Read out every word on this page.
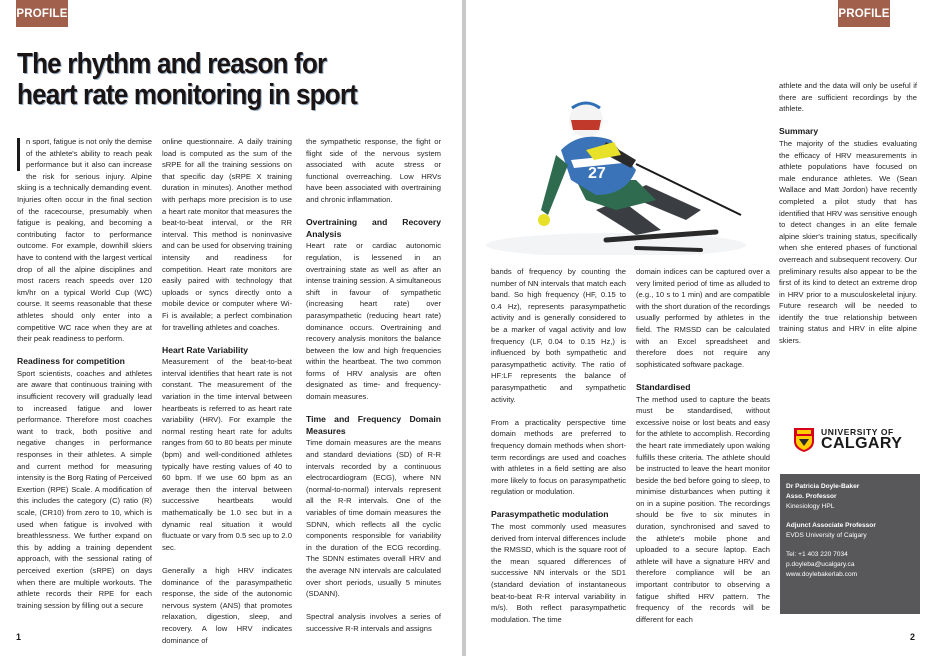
PROFILE
The rhythm and reason for
heart rate monitoring in sport

n sport, fatigue is not only the demise of the athlete's ability to reach peak performance but it also can increase the risk for serious injury. Alpine skiing is a technically demanding event. Injuries often occur in the final section of the racecourse, presumably when fatigue is peaking, and becoming a contributing factor to performance outcome. For example, downhill skiers have to contend with the largest vertical drop of all the alpine disciplines and most racers reach speeds over 120 km/hr on a typical World Cup (WC) course. It seems reasonable that these athletes should only enter into a competitive WC race when they are at their peak readiness to perform.

Readiness for competition

Sport scientists, coaches and athletes are aware that continuous training with insufficient recovery will gradually lead to increased fatigue and lower performance. Therefore most coaches want to track, both positive and negative changes in performance responses in their athletes. A simple and current method for measuring intensity is the Borg Rating of Perceived Exertion (RPE) Scale. A modification of this includes the category (C) ratio (R) scale, (CR10) from zero to 10, which is used when fatigue is involved with breathlessness. We further expand on this by adding a training dependent approach, with the sessional rating of perceived exertion (sRPE) on days when there are multiple workouts. The athlete records their RPE for each training session by filling out a secure

online questionnaire. A daily training load is computed as the sum of the sRPE for all the training sessions on that specific day (sRPE X training duration in minutes). Another method with perhaps more precision is to use a heart rate monitor that measures the beat-to-beat interval, or the RR interval. This method is noninvasive and can be used for observing training intensity and readiness for competition. Heart rate monitors are easily paired with technology that uploads or syncs directly onto a mobile device or computer where Wi-Fi is available; a perfect combination for travelling athletes and coaches.

Heart Rate Variability

Measurement of the beat-to-beat interval identifies that heart rate is not constant. The measurement of the variation in the time interval between heartbeats is referred to as heart rate variability (HRV). For example the normal resting heart rate for adults ranges from 60 to 80 beats per minute (bpm) and well-conditioned athletes typically have resting values of 40 to 60 bpm. If we use 60 bpm as an average then the interval between successive heartbeats would mathematically be 1.0 sec but in a dynamic real situation it would fluctuate or vary from 0.5 sec up to 2.0 sec.

Generally a high HRV indicates dominance of the parasympathetic response, the side of the autonomic nervous system (ANS) that promotes relaxation, digestion, sleep, and recovery. A low HRV indicates dominance of

the sympathetic response, the fight or flight side of the nervous system associated with acute stress or functional overreaching. Low HRVs have been associated with overtraining and chronic inflammation.

Overtraining and Recovery Analysis

Heart rate or cardiac autonomic regulation, is lessened in an overtraining state as well as after an intense training session. A simultaneous shift in favour of sympathetic (increasing heart rate) over parasympathetic (reducing heart rate) dominance occurs. Overtraining and recovery analysis monitors the balance between the low and high frequencies within the heartbeat. The two common forms of HRV analysis are often designated as time- and frequency-domain measures.

Time and Frequency Domain Measures

Time domain measures are the means and standard deviations (SD) of R-R intervals recorded by a continuous electrocardiogram (ECG), where NN (normal-to-normal) intervals represent all the R-R intervals. One of the variables of time domain measures the SDNN, which reflects all the cyclic components responsible for variability in the duration of the ECG recording. The SDNN estimates overall HRV and the average NN intervals are calculated over short periods, usually 5 minutes (SDANN).

Spectral analysis involves a series of successive R-R intervals and assigns

1
PROFILE
27

bands of frequency by counting the number of NN intervals that match each band. So high frequency (HF, 0.15 to 0.4 Hz), represents parasympathetic activity and is generally considered to be a marker of vagal activity and low frequency (LF, 0.04 to 0.15 Hz,) is influenced by both sympathetic and parasympathetic activity. The ratio of HF:LF represents the balance of parasympathetic and sympathetic activity.

From a practicality perspective time domain methods are preferred to frequency domain methods when short-term recordings are used and coaches with athletes in a field setting are also more likely to focus on parasympathetic regulation or modulation.

Parasympathetic modulation

The most commonly used measures derived from interval differences include the RMSSD, which is the square root of the mean squared differences of successive NN intervals or the SD1 (standard deviation of instantaneous beat-to-beat R-R interval variability in m/s). Both reflect parasympathetic modulation. The time

domain indices can be captured over a very limited period of time as alluded to (e.g., 10 s to 1 min) and are compatible with the short duration of the recordings usually performed by athletes in the field. The RMSSD can be calculated with an Excel spreadsheet and therefore does not require any sophisticated software package.

Standardised

The method used to capture the beats must be standardised, without excessive noise or lost beats and easy for the athlete to accomplish. Recording the heart rate immediately upon waking fulfills these criteria. The athlete should be instructed to leave the heart monitor beside the bed before going to sleep, to minimise disturbances when putting it on in a supine position. The recordings should be five to six minutes in duration, synchronised and saved to the athlete's mobile phone and uploaded to a secure laptop. Each athlete will have a signature HRV and therefore compliance will be an important contributor to observing a fatigue shifted HRV pattern. The frequency of the records will be different for each

athlete and the data will only be useful if there are sufficient recordings by the athlete.

Summary

The majority of the studies evaluating the efficacy of HRV measurements in athlete populations have focused on male endurance athletes. We (Sean Wallace and Matt Jordon) have recently completed a pilot study that has identified that HRV was sensitive enough to detect changes in an elite female alpine skier's training status, specifically when she entered phases of functional overreach and subsequent recovery. Our preliminary results also appear to be the first of its kind to detect an extreme drop in HRV prior to a musculoskeletal injury. Future research will be needed to identify the true relationship between training status and HRV in elite alpine skiers.

UNIVERSITY OF
CALGARY
Dr Patricia Doyle-Baker
Asso. Professor
Kinesiology HPL
Adjunct Associate Professor
EVDS University of Calgary
Tel: +1 403 220 7034
p.doyleba@ucalgary.ca
www.doylebakerlab.com
2
